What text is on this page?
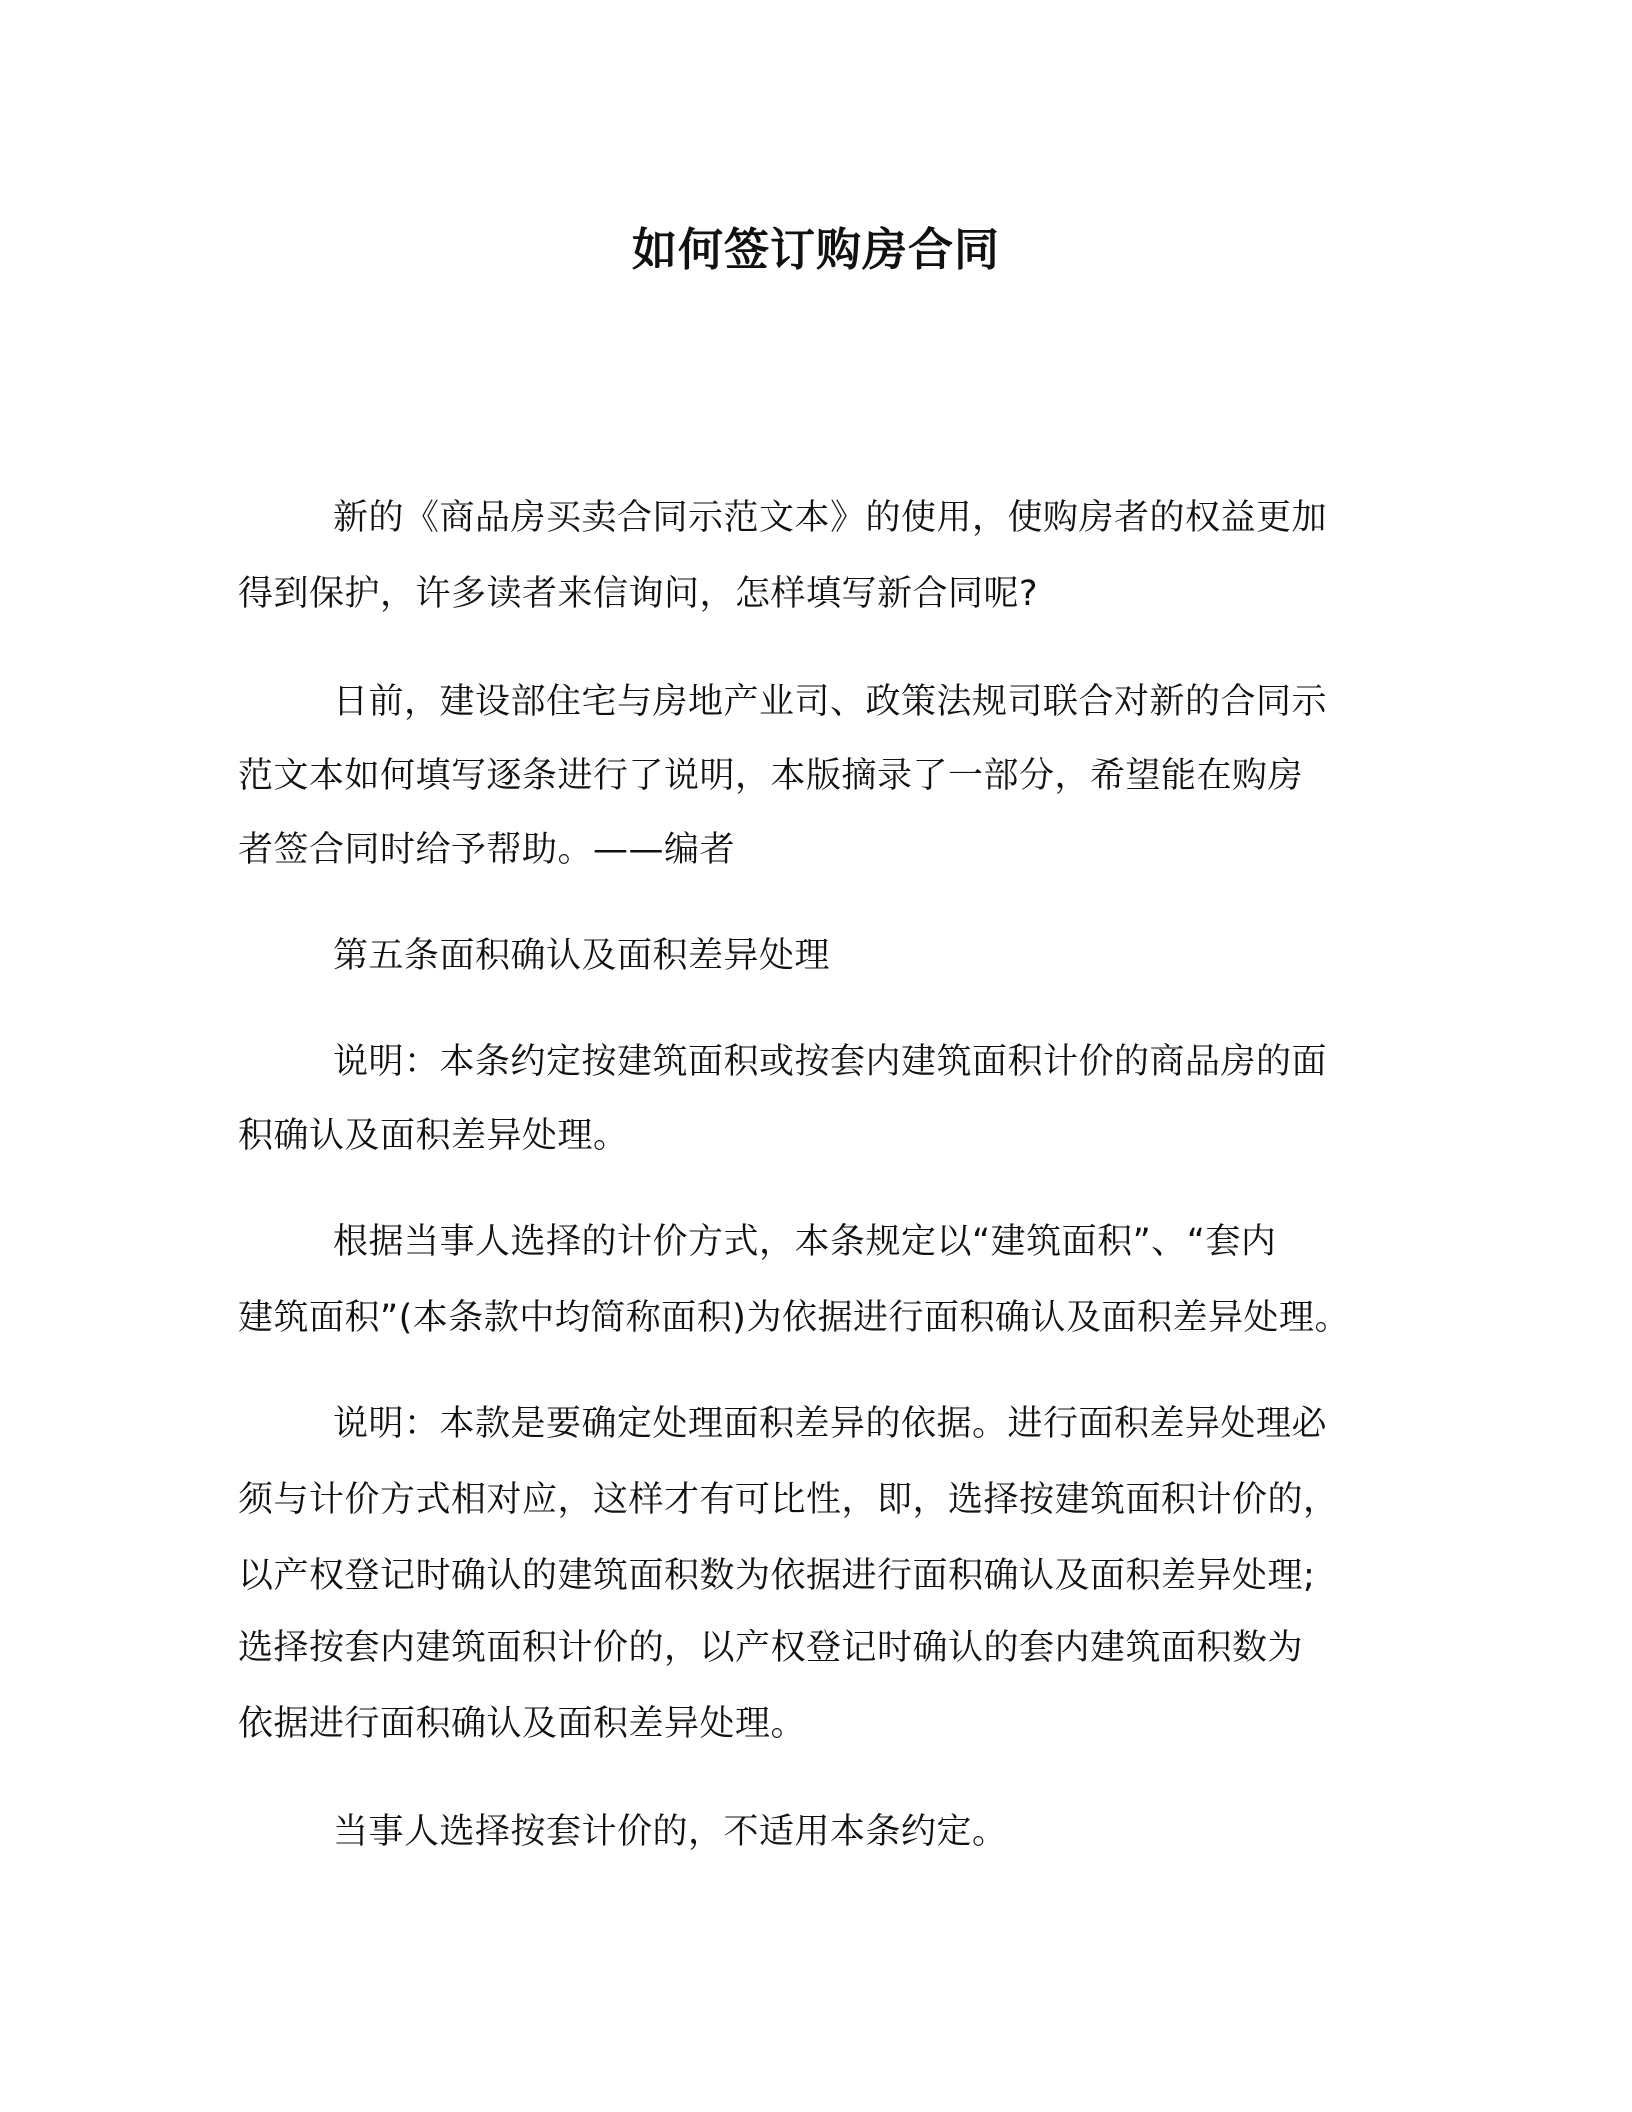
如何签订购房合同

新的《商品房买卖合同示范文本》的使用，使购房者的权益更加

得到保护，许多读者来信询问，怎样填写新合同呢?

日前，建设部住宅与房地产业司、政策法规司联合对新的合同示

范文本如何填写逐条进行了说明，本版摘录了一部分，希望能在购房

者签合同时给予帮助。——编者

第五条面积确认及面积差异处理

说明：本条约定按建筑面积或按套内建筑面积计价的商品房的面

积确认及面积差异处理。

根据当事人选择的计价方式，本条规定以“建筑面积”、“套内

建筑面积”(本条款中均简称面积)为依据进行面积确认及面积差异处理。

说明：本款是要确定处理面积差异的依据。进行面积差异处理必

须与计价方式相对应，这样才有可比性，即，选择按建筑面积计价的，

以产权登记时确认的建筑面积数为依据进行面积确认及面积差异处理;

选择按套内建筑面积计价的，以产权登记时确认的套内建筑面积数为

依据进行面积确认及面积差异处理。

当事人选择按套计价的，不适用本条约定。
